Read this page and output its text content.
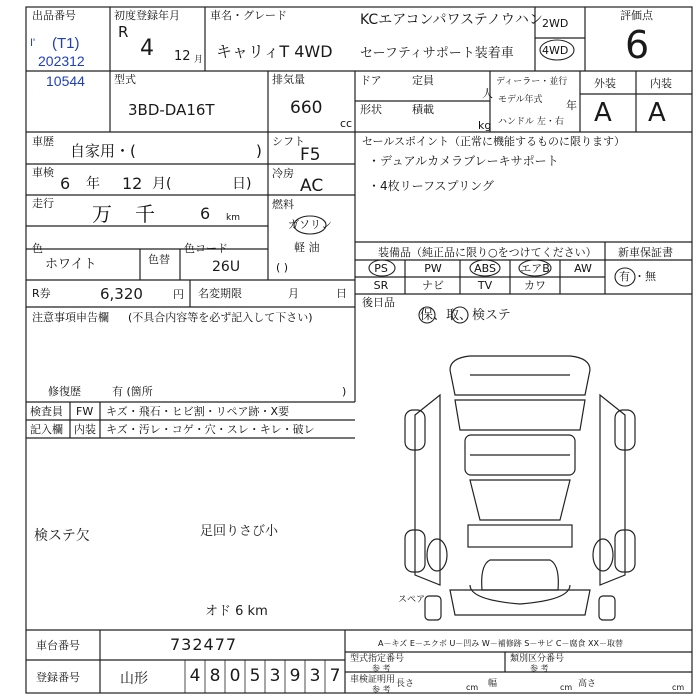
出品番号
I' (T1)
202312
10544
初度登録年月
R
4 12 月
車名・グレード	KCエアコンパワステノウハン
キャリィT 4WD セーフティサポート装着車
2WD
4WD
評価点
6
型式
3BD-DA16T
排気量
660
cc
ドア	定員
人
形状	積載
kg
ディーラー・並行
モデル年式	年
ハンドル 左・右
外装	内装
A A
車歴
自家用・(	)
車検
6 年 12 月(	日)
走行 万 千	6 km
シフト
F5
冷房
AC
燃料
ガソリン
軽 油
( )
色
ホワイト	色替
色コード
26U
R券	6,320	円 名変期限	月	日
セールスポイント（正常に機能するものに限ります）
・デュアルカメラブレーキサポート
・4枚リーフスプリング
装備品（純正品に限り○をつけてください）
PS	PW	ABS	エアB	AW
SR	ナビ	TV	カワ
新車保証書
有 ・無
後日品
保、取、検ステ
注意事項申告欄 (不具合内容等を必ず記入して下さい)
修復歴	有 (箇所	)
検査員
記入欄
FW キズ・飛石・ヒビ割・リペア跡・X要
内装 キズ・汚レ・コゲ・穴・スレ・キレ・破レ
検ステ欠	足回りさび小
オド 6 km
スペア
A－キズ E－エクボ U－凹み W－補修跡 S－サビ C－腐食 XX－取替
型式指定番号
参 考
類別区分番号
参 考
車検証明用
参 考
長さ	cm 幅	cm 高さ	cm
車台番号	732477
登録番号	山形 4 8 0 5 3 9 3 7
